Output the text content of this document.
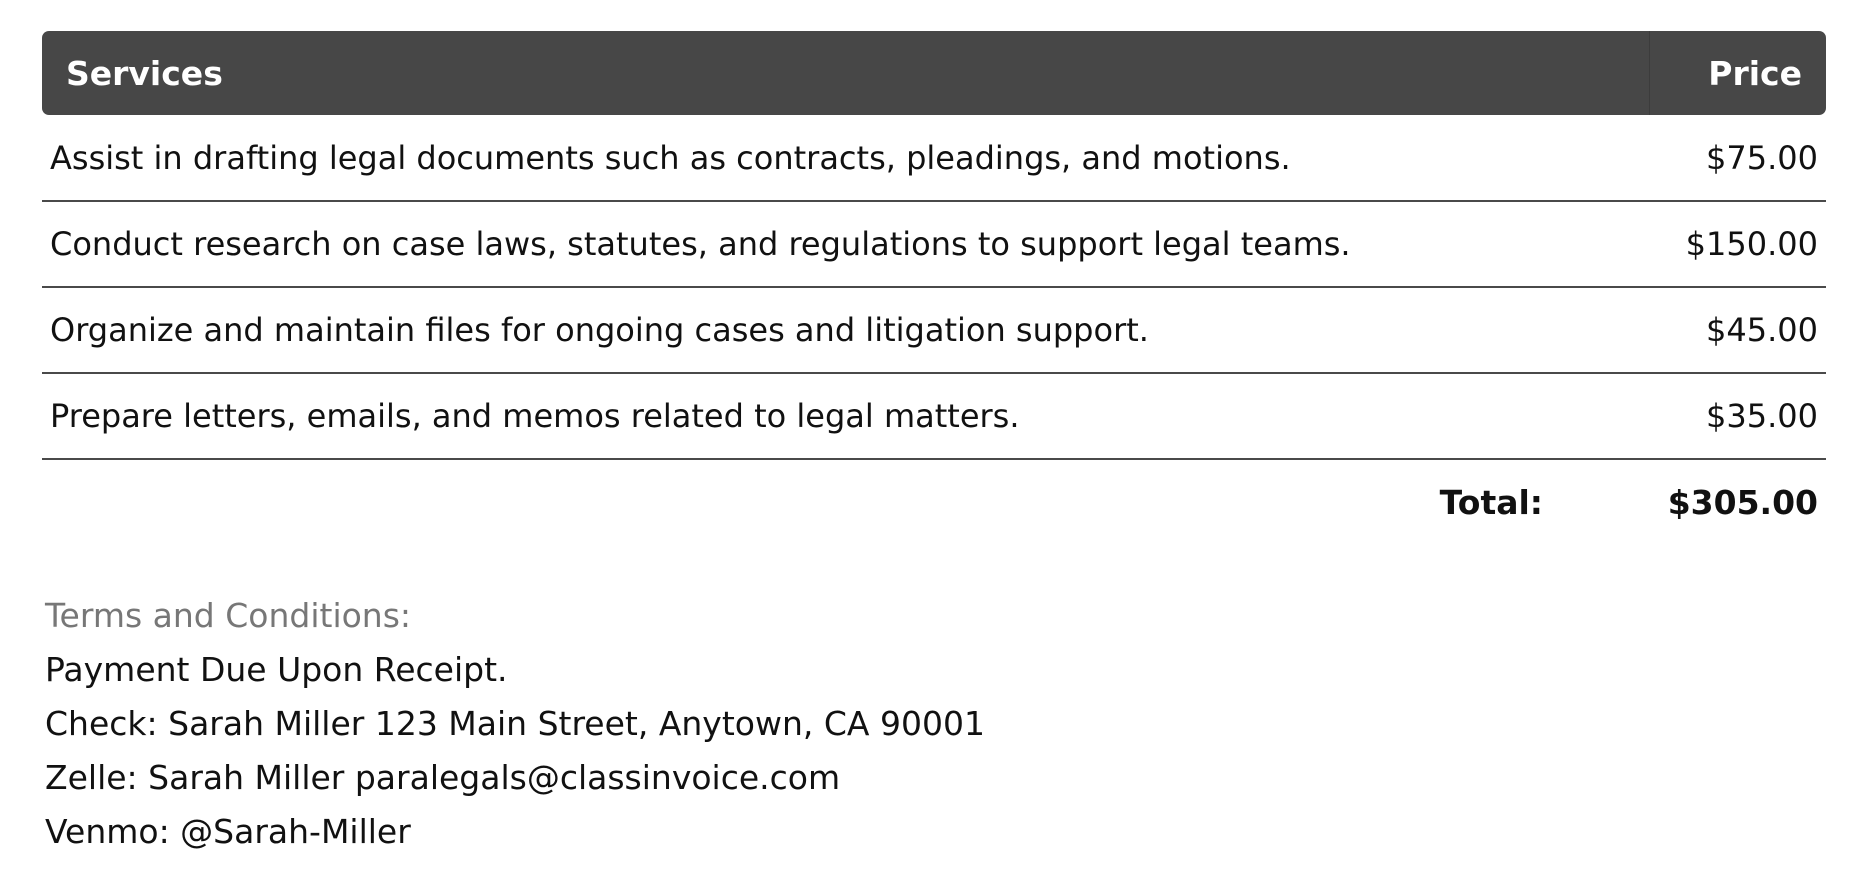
Services	Price
Assist in drafting legal documents such as contracts, pleadings, and motions.	$75.00
Conduct research on case laws, statutes, and regulations to support legal teams.	$150.00
Organize and maintain files for ongoing cases and litigation support.	$45.00
Prepare letters, emails, and memos related to legal matters.	$35.00
Total:	$305.00
Terms and Conditions:
Payment Due Upon Receipt.
Check: Sarah Miller 123 Main Street, Anytown, CA 90001
Zelle: Sarah Miller paralegals@classinvoice.com
Venmo: @Sarah-Miller
